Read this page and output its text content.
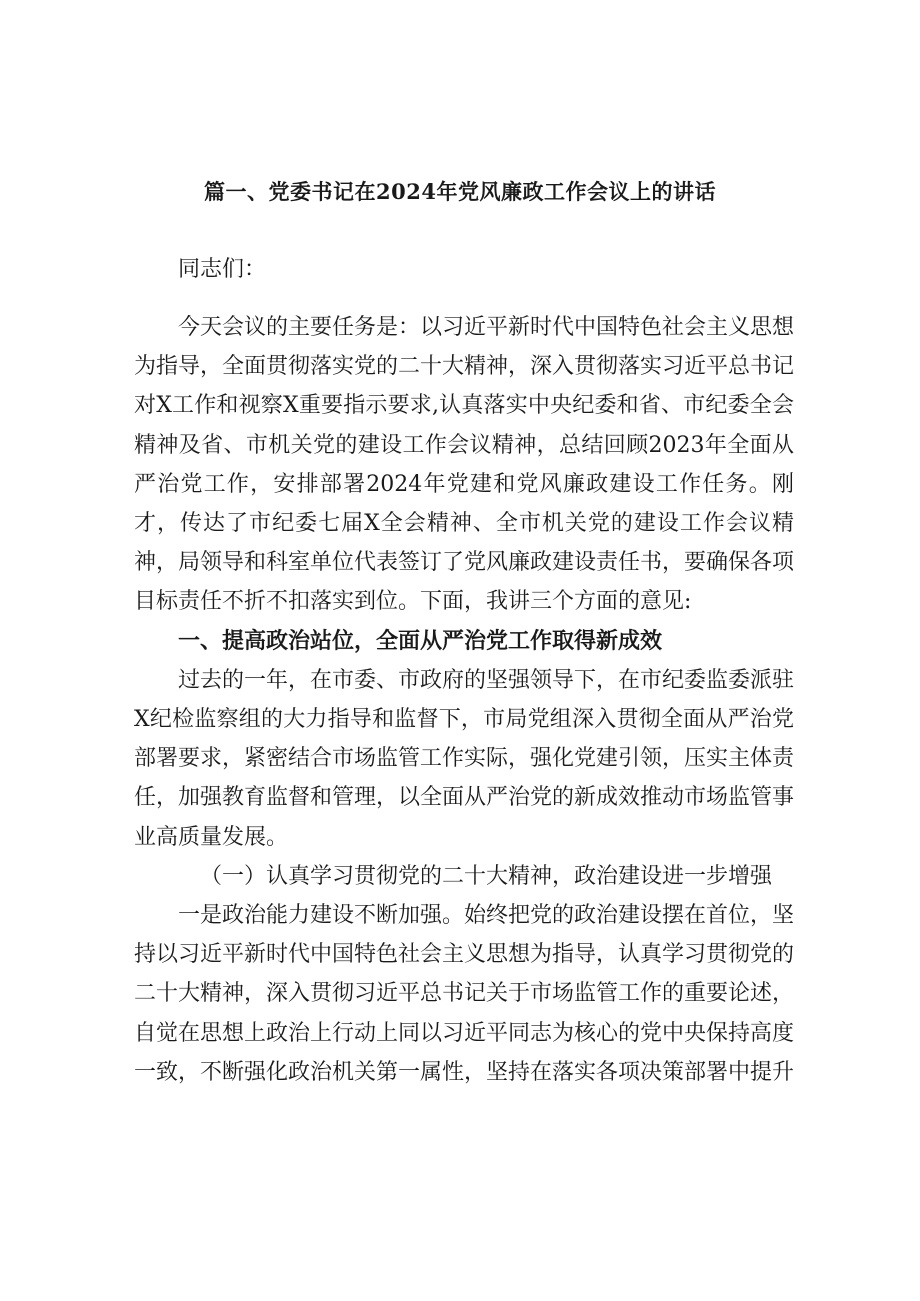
篇一、党委书记在2024年党风廉政工作会议上的讲话

同志们：

今天会议的主要任务是：以习近平新时代中国特色社会主义思想为指导，全面贯彻落实党的二十大精神，深入贯彻落实习近平总书记对X工作和视察X重要指示要求,认真落实中央纪委和省、市纪委全会精神及省、市机关党的建设工作会议精神，总结回顾2023年全面从严治党工作，安排部署2024年党建和党风廉政建设工作任务。刚才，传达了市纪委七届X全会精神、全市机关党的建设工作会议精神，局领导和科室单位代表签订了党风廉政建设责任书，要确保各项目标责任不折不扣落实到位。下面，我讲三个方面的意见:

一、提高政治站位，全面从严治党工作取得新成效

过去的一年，在市委、市政府的坚强领导下，在市纪委监委派驻X纪检监察组的大力指导和监督下，市局党组深入贯彻全面从严治党部署要求，紧密结合市场监管工作实际，强化党建引领，压实主体责任，加强教育监督和管理，以全面从严治党的新成效推动市场监管事业高质量发展。

（一）认真学习贯彻党的二十大精神，政治建设进一步增强

一是政治能力建设不断加强。始终把党的政治建设摆在首位，坚持以习近平新时代中国特色社会主义思想为指导，认真学习贯彻党的二十大精神，深入贯彻习近平总书记关于市场监管工作的重要论述，自觉在思想上政治上行动上同以习近平同志为核心的党中央保持高度一致，不断强化政治机关第一属性，坚持在落实各项决策部署中提升
